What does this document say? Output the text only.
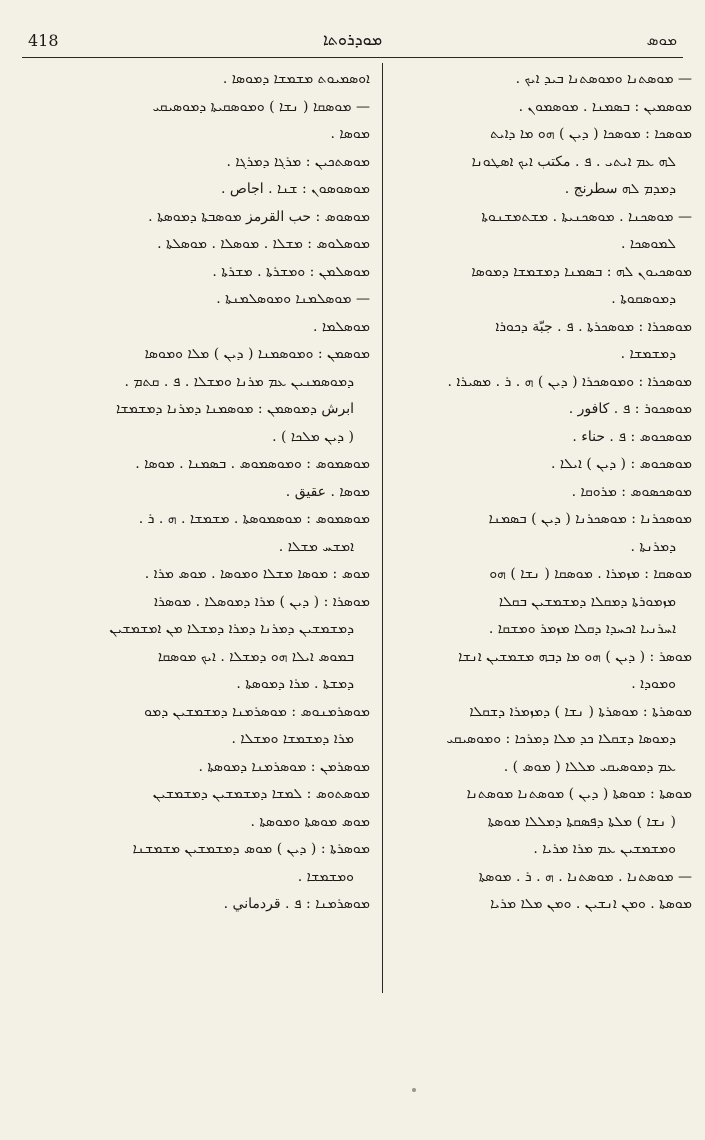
418	ܡܘܕܪܘܬܐ	ܡܘܣ

— ܡܘܣܬܢܐ ܘܡܘܣܬܢܐ ܒܝܕ ܐܝܟ .

ܡܘܣܡܝܢ : ܒܣܡܢܐ . ܡܘܣܡܘܢ .

ܡܘܣܟܐ : ܡܘܣܟܐ ( ܕܝܢ ) ܗܘ ܡܐ ܕܐܝܬ

ܠܗ ܥܡ ܐܝܬܝ . ܦ . مكتب ܐܝܟ ܐܣܛܘܢܐ

ܕܡܕܡ ܠܗ سطرنج .

— ܡܘܣܟܢܐ . ܡܘܣܟܢܝܬܐ . ܡܫܬܡܫܢܘܬܐ

ܠܡܘܣܟܐ .

ܡܘܣܟܝܘܢ ܠܗ : ܒܣܡܢܐ ܕܡܫܡܫܐ ܕܡܘܣܐ

ܕܡܘܣܩܘܬܐ .

ܡܘܣܟܪܐ : ܡܘܣܟܪܬܐ . ܦ . جبّة ܕܟܘܪܐ

ܕܡܫܡܫܐ .

ܡܘܣܟܪܐ : ܘܡܘܣܟܪܐ ( ܕܝܢ ) ܗ . ܪ . ܡܣܝܪܐ .

ܡܘܣܟܘܪ : ܦ . كافور .

ܡܘܣܟܘܣ : ܦ . حناء .

ܡܘܣܟܘܣ : ( ܕܝܢ ) ܐܝܠܐ .

ܡܘܣܟܣܘܣ : ܡܪܘܩܐ .

ܡܘܣܟܪܢܐ : ܡܘܣܟܪܢܐ ( ܕܝܢ ) ܒܣܡܢܐ

ܕܡܪܢܬܐ .

ܡܘܣܩܐ : ܡܙܡܪܐ . ܡܘܣܩܐ ( ܢܫܐ ) ܗܘ

ܡܙܡܘܪܬܐ ܕܡܩܠܐ ܕܡܫܡܫܝܢ ܒܩܠܐ

ܐܚܪܢܝܐ ܐܟܚܕܐ ܕܩܠܐ ܡܙܡܪ ܘܡܫܩܐ .

ܡܘܣܪ : ( ܕܝܢ ) ܗܘ ܡܐ ܕܒܗ ܡܫܡܫܝܢ ܐܢܫܐ

ܘܡܘܕܐ .

ܡܘܣܪܬܐ : ܡܘܣܪܬܐ ( ܢܫܐ ) ܕܡܙܡܪܐ ܕܫܩܠܐ

ܕܡܘܣܐ ܕܫܩܠܐ ܟܕ ܡܠܐ ܕܡܪܟܐ : ܘܡܘܣܝܩܝ

ܥܡ ܕܡܘܣܝܩܝ ܡܠܠܐ ( ܡܘܣ ) .

ܡܘܣܬܐ : ܡܘܣܬܐ ( ܕܝܢ ) ܡܘܣܬܢܐ ܡܘܣܬܢܐ

( ܢܫܐ ) ܡܠܬܐ ܕܦܣܩܬܐ ܕܡܠܠܐ ܡܘܣܬܐ

ܘܡܫܡܫܝܢ ܥܡ ܡܪܐ ܡܪܝܐ .

— ܡܘܣܬܢܐ . ܡܘܣܬܢܐ . ܗ . ܪ . ܡܘܣܬܐ

ܡܘܣܬܐ . ܘܡܢ ܐܢܫܝܢ . ܘܡܢ ܡܠܐ ܡܪܝܐ

ܐܘܣܡܝܘܬ ܡܫܡܫܐ ܕܡܘܣܐ .

— ܡܘܣܩܐ ( ܢܫܐ ) ܘܡܘܣܩܝܬܐ ܕܡܘܣܝܩܝ

ܡܘܣܐ .

ܡܘܣܬܟܝܢ : ܡܪܓܐ ܕܡܪܓܐ .

ܡܘܣܘܣܘܢ : ܫܢܐ . اجاص .

ܡܘܣܘܣ : حب القرمز ܡܘܣܒܬܐ ܕܡܘܣܬܐ .

ܡܘܣܠܘܣ : ܡܫܠܐ . ܡܘܣܠܐ . ܡܘܣܠܬܐ .

ܡܘܣܠܡܢ : ܘܡܫܪܬܐ . ܡܫܪܬܐ .

— ܡܘܣܠܡܢܐ ܘܡܘܣܠܡܢܬܐ .

ܡܘܣܠܡܐ .

ܡܘܣܡܢ : ܘܡܘܣܡܢܐ ( ܕܝܢ ) ܡܠܐ ܘܡܘܣܐ

ܕܡܘܣܡܢܝܢ ܥܡ ܡܪܢܐ ܘܡܫܠܐ . ܦ . ܩܬܡ .

ابرش ܕܡܘܣܡܢ : ܡܘܣܡܢܐ ܕܡܪܢܐ ܕܡܫܡܫܐ

( ܕܝܢ ܡܠܟܐ ) .

ܡܘܣܡܘܣ : ܘܡܘܣܡܘܣ . ܒܣܡܢܐ . ܡܘܣܐ .

ܡܘܣܐ . عقيق .

ܡܘܣܡܘܣ : ܡܘܣܡܘܣܬܐ . ܡܫܡܫܐ . ܗ . ܪ .

ܐܡܫܚ ܡܫܠܐ .

ܡܘܣ : ܡܘܣܐ ܡܫܠܐ ܘܡܘܣܐ . ܡܘܣ ܡܪܐ .

ܡܘܣܪܐ : ( ܕܝܢ ) ܡܪܐ ܕܡܘܣܠܐ . ܡܘܣܪܐ

ܕܡܫܡܫܝܢ ܕܡܪܢܐ ܕܡܪܐ ܕܡܫܠܐ ܡܢ ܐܡܫܡܫܝܢ

ܒܡܘܣ ܐܝܠܐ ܗܘ ܕܡܫܠܐ . ܐܝܟ ܡܘܣܩܐ

ܕܡܫܬܐ . ܡܪܐ ܕܡܘܣܬܐ .

ܡܘܣܪܡܢܘܣ : ܡܘܣܪܡܢܐ ܕܡܫܡܫܝܢ ܕܡܘ

ܡܪܐ ܕܡܫܡܫܐ ܘܡܫܠܐ .

ܡܘܣܪܡܢ : ܡܘܣܪܡܢܐ ܕܡܘܣܬܐ .

ܡܘܣܬܘܣ : ܠܡܫܐ ܕܡܫܡܫܝܢ ܕܡܫܡܫܝܢ

ܡܘܣ ܡܘܣܬܐ ܘܡܘܣܬܐ .

ܡܘܣܪܬܐ : ( ܕܝܢ ) ܡܘܣ ܕܡܫܡܫܝܢ ܡܫܡܫܢܐ

ܘܡܫܡܫܐ .

ܡܘܣܪܡܢܐ : ܦ . قردماني .
